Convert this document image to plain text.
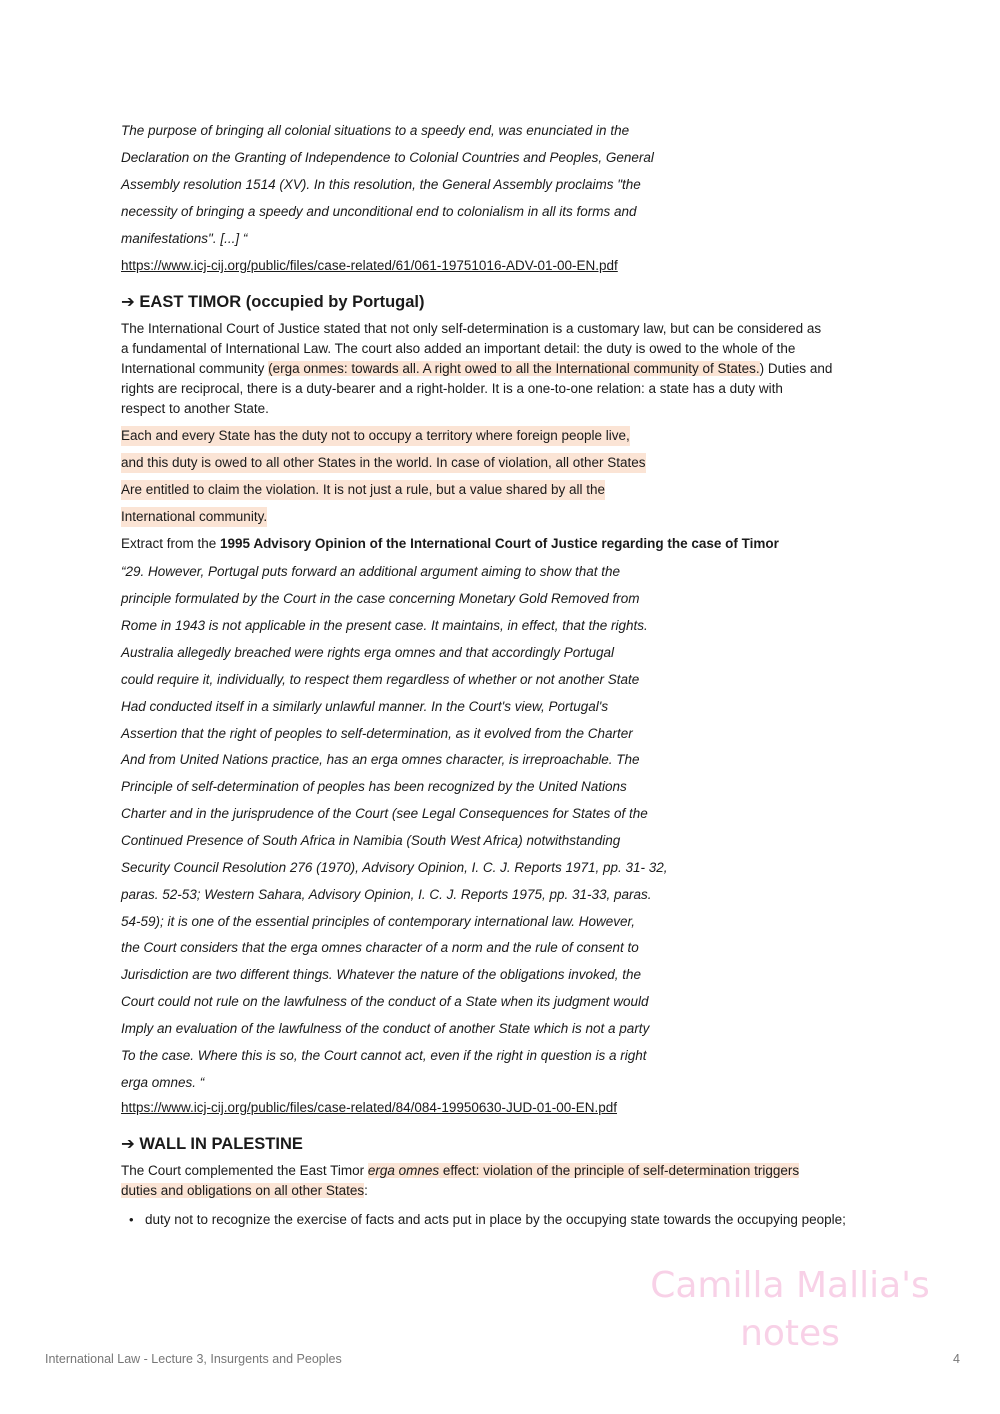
The purpose of bringing all colonial situations to a speedy end, was enunciated in the
Declaration on the Granting of Independence to Colonial Countries and Peoples, General
Assembly resolution 1514 (XV). In this resolution, the General Assembly proclaims "the
necessity of bringing a speedy and unconditional end to colonialism in all its forms and
manifestations". [...] “
https://www.icj-cij.org/public/files/case-related/61/061-19751016-ADV-01-00-EN.pdf
➔ EAST TIMOR (occupied by Portugal)
The International Court of Justice stated that not only self-determination is a customary law, but can be considered as
a fundamental of International Law. The court also added an important detail: the duty is owed to the whole of the
International community (erga onmes: towards all. A right owed to all the International community of States.) Duties and
rights are reciprocal, there is a duty-bearer and a right-holder. It is a one-to-one relation: a state has a duty with
respect to another State.
Each and every State has the duty not to occupy a territory where foreign people live,
and this duty is owed to all other States in the world. In case of violation, all other States
Are entitled to claim the violation. It is not just a rule, but a value shared by all the
International community.
Extract from the 1995 Advisory Opinion of the International Court of Justice regarding the case of Timor
“29. However, Portugal puts forward an additional argument aiming to show that the
principle formulated by the Court in the case concerning Monetary Gold Removed from
Rome in 1943 is not applicable in the present case. It maintains, in effect, that the rights.
Australia allegedly breached were rights erga omnes and that accordingly Portugal
could require it, individually, to respect them regardless of whether or not another State
Had conducted itself in a similarly unlawful manner. In the Court's view, Portugal's
Assertion that the right of peoples to self-determination, as it evolved from the Charter
And from United Nations practice, has an erga omnes character, is irreproachable. The
Principle of self-determination of peoples has been recognized by the United Nations
Charter and in the jurisprudence of the Court (see Legal Consequences for States of the
Continued Presence of South Africa in Namibia (South West Africa) notwithstanding
Security Council Resolution 276 (1970), Advisory Opinion, I. C. J. Reports 1971, pp. 31- 32,
paras. 52-53; Western Sahara, Advisory Opinion, I. C. J. Reports 1975, pp. 31-33, paras.
54-59); it is one of the essential principles of contemporary international law. However,
the Court considers that the erga omnes character of a norm and the rule of consent to
Jurisdiction are two different things. Whatever the nature of the obligations invoked, the
Court could not rule on the lawfulness of the conduct of a State when its judgment would
Imply an evaluation of the lawfulness of the conduct of another State which is not a party
To the case. Where this is so, the Court cannot act, even if the right in question is a right
erga omnes. “
https://www.icj-cij.org/public/files/case-related/84/084-19950630-JUD-01-00-EN.pdf
➔ WALL IN PALESTINE
The Court complemented the East Timor erga omnes effect: violation of the principle of self-determination triggers
duties and obligations on all other States:
• duty not to recognize the exercise of facts and acts put in place by the occupying state towards the occupying people;
Camilla Mallia's
notes
International Law - Lecture 3, Insurgents and Peoples	4
